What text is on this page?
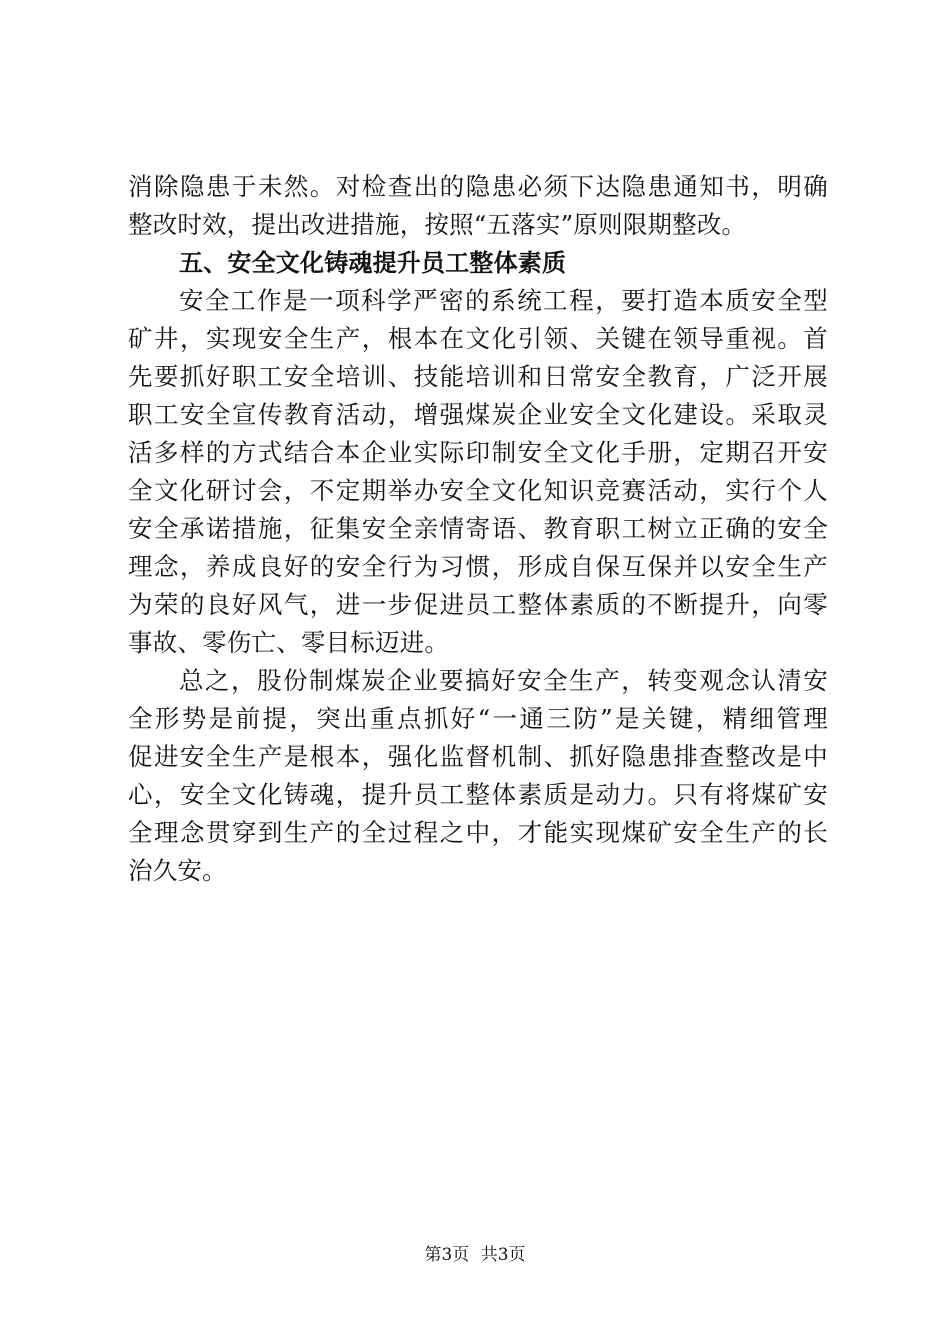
消除隐患于未然。对检查出的隐患必须下达隐患通知书，明确
整改时效，提出改进措施，按照“五落实”原则限期整改。
五、安全文化铸魂提升员工整体素质
安全工作是一项科学严密的系统工程，要打造本质安全型
矿井，实现安全生产，根本在文化引领、关键在领导重视。首
先要抓好职工安全培训、技能培训和日常安全教育，广泛开展
职工安全宣传教育活动，增强煤炭企业安全文化建设。采取灵
活多样的方式结合本企业实际印制安全文化手册，定期召开安
全文化研讨会，不定期举办安全文化知识竞赛活动，实行个人
安全承诺措施，征集安全亲情寄语、教育职工树立正确的安全
理念，养成良好的安全行为习惯，形成自保互保并以安全生产
为荣的良好风气，进一步促进员工整体素质的不断提升，向零
事故、零伤亡、零目标迈进。
总之，股份制煤炭企业要搞好安全生产，转变观念认清安
全形势是前提，突出重点抓好“一通三防”是关键，精细管理
促进安全生产是根本，强化监督机制、抓好隐患排查整改是中
心，安全文化铸魂，提升员工整体素质是动力。只有将煤矿安
全理念贯穿到生产的全过程之中，才能实现煤矿安全生产的长
治久安。
第3页 共3页
